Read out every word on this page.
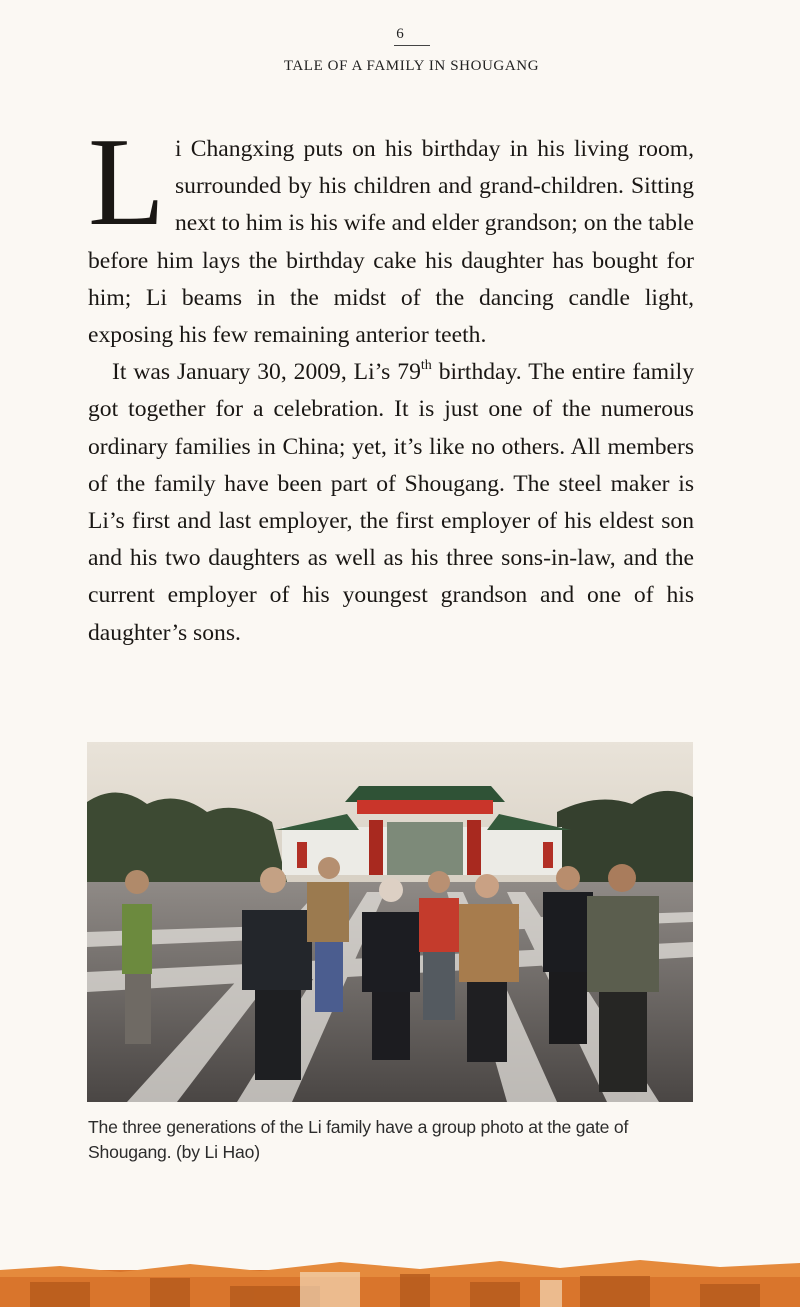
6
TALE OF A FAMILY IN SHOUGANG

Li Changxing puts on his birthday in his living room, surrounded by his children and grand-children. Sitting next to him is his wife and elder grandson; on the table before him lays the birthday cake his daughter has bought for him; Li beams in the midst of the dancing candle light, exposing his few remaining anterior teeth.

It was January 30, 2009, Li’s 79th birthday. The entire family got together for a celebration. It is just one of the numerous ordinary families in China; yet, it’s like no others. All members of the family have been part of Shougang. The steel maker is Li’s first and last employer, the first employer of his eldest son and his two daughters as well as his three sons-in-law, and the current employer of his youngest grandson and one of his daughter’s sons.

The three generations of the Li family have a group photo at the gate of Shougang. (by Li Hao)
